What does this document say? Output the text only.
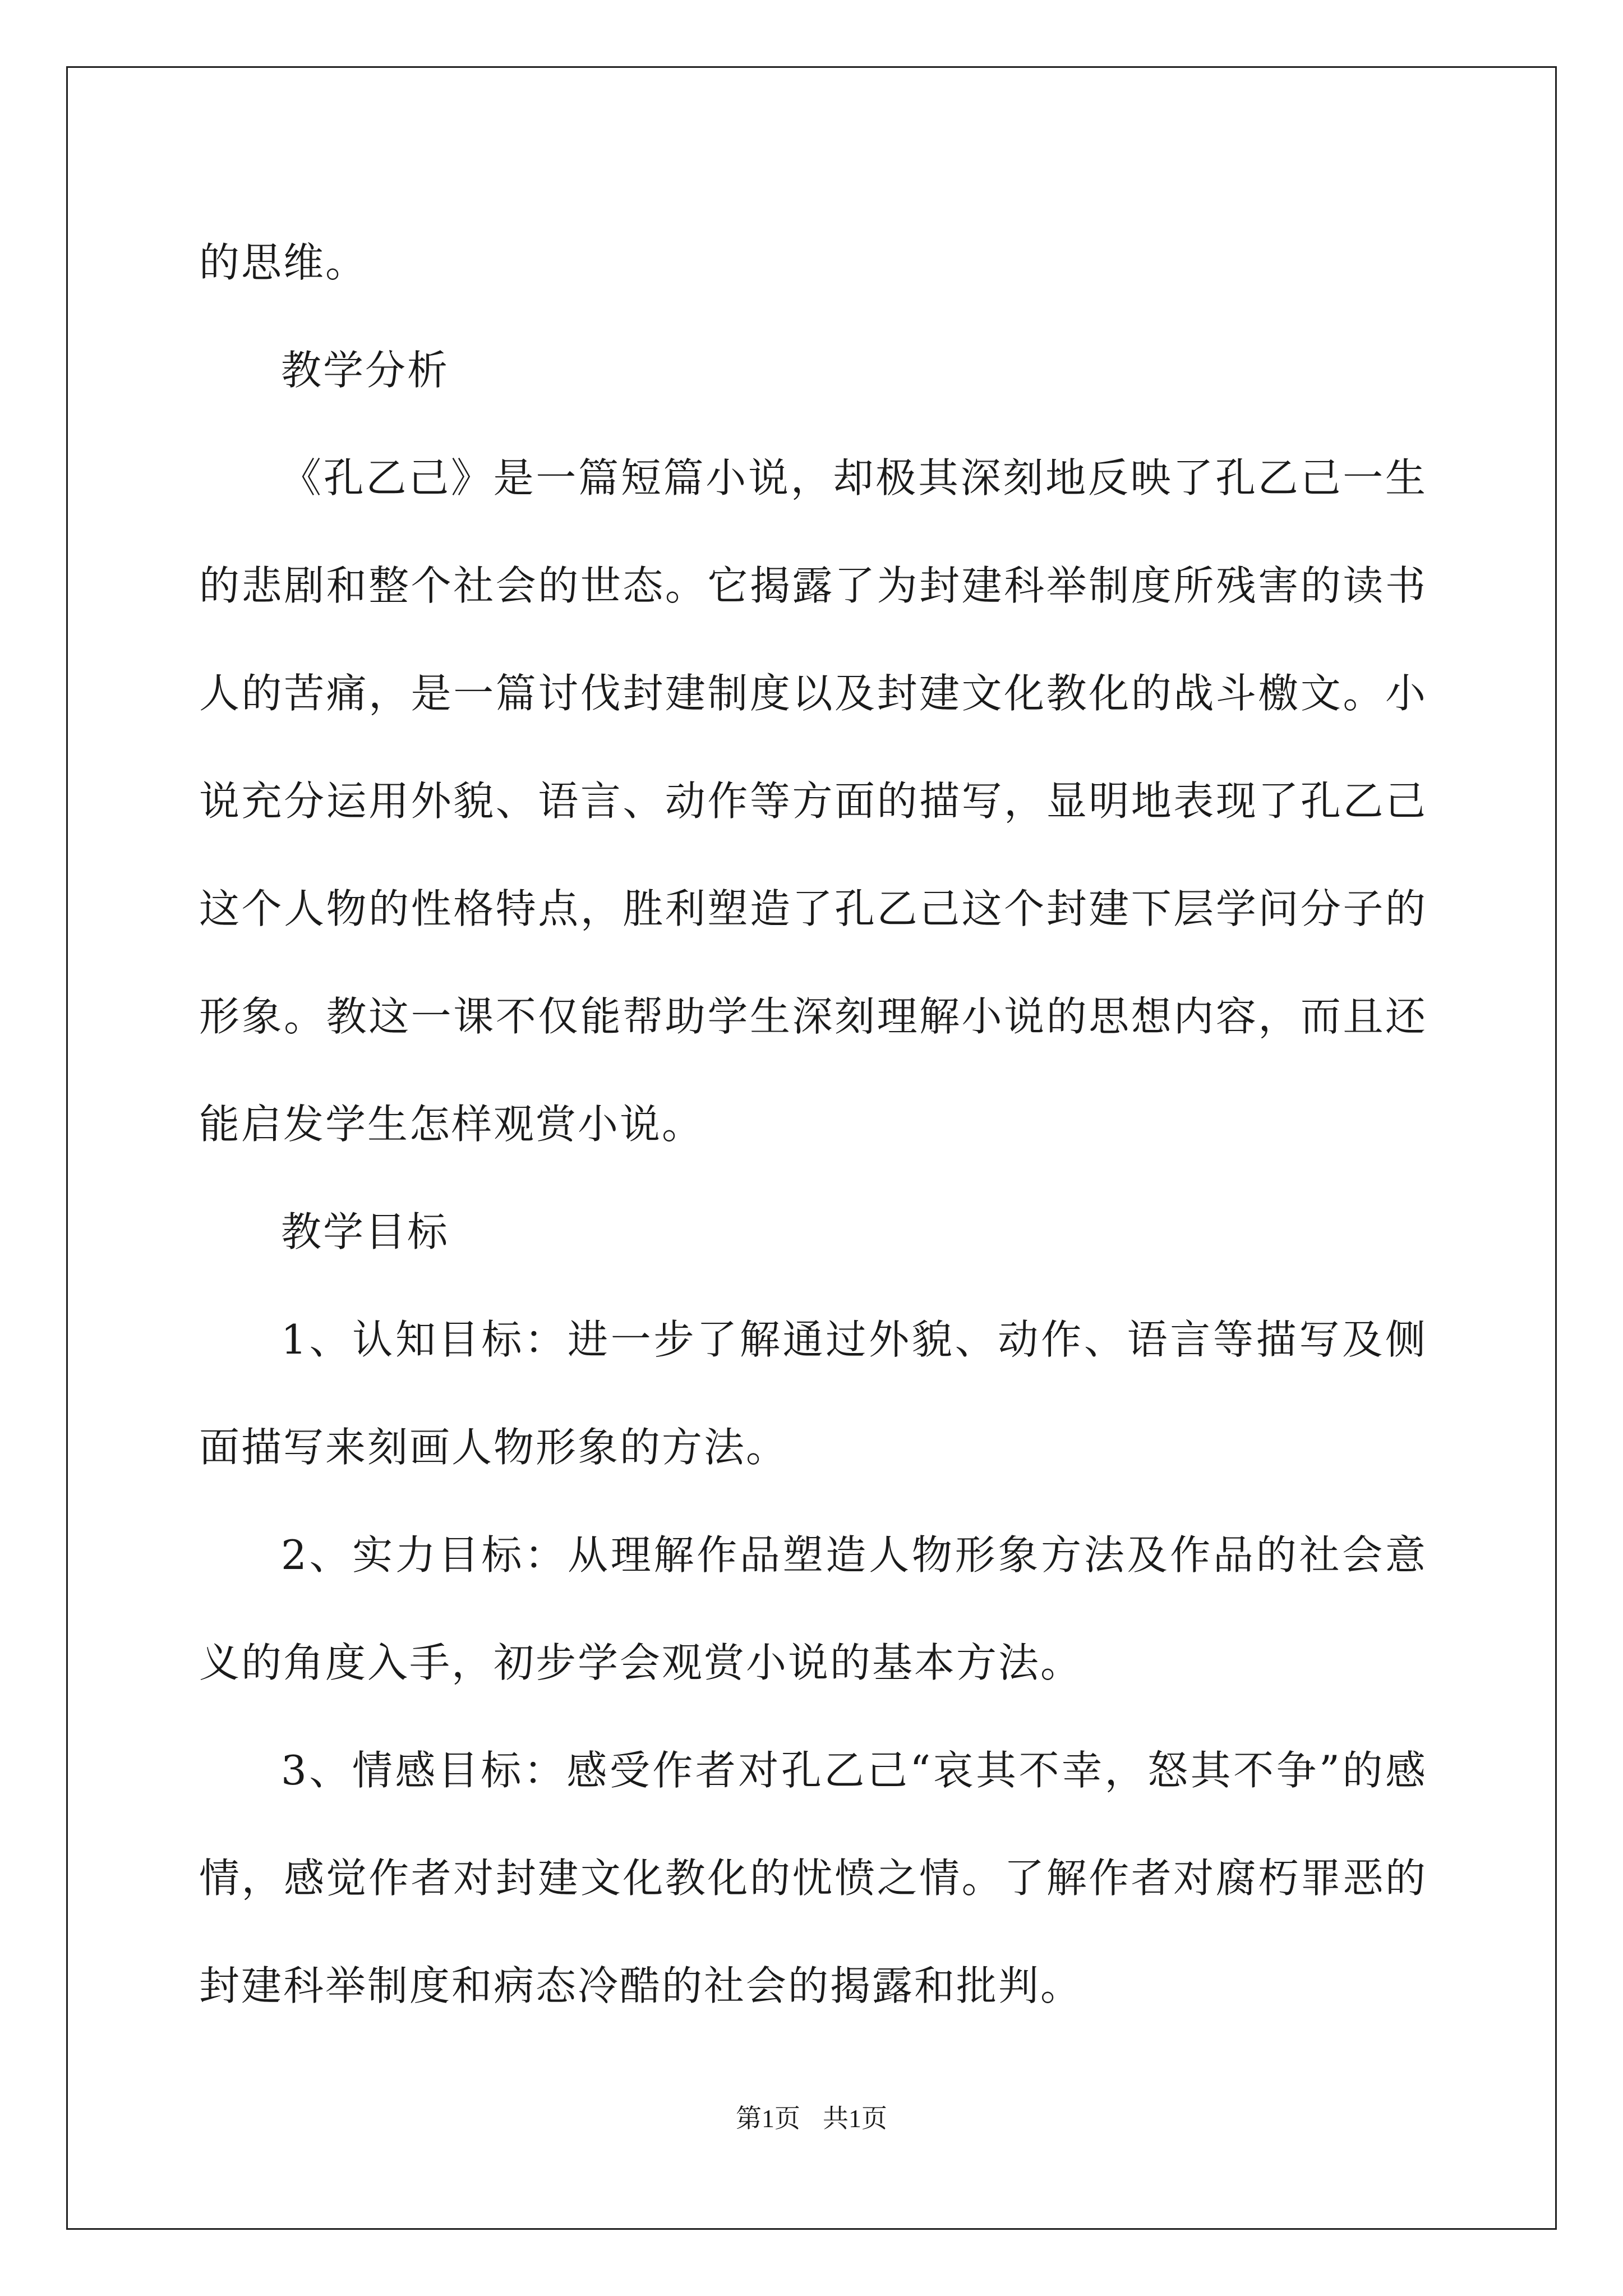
的思维。

教学分析

《孔乙己》是一篇短篇小说，却极其深刻地反映了孔乙己一生的悲剧和整个社会的世态。它揭露了为封建科举制度所残害的读书人的苦痛，是一篇讨伐封建制度以及封建文化教化的战斗檄文。小说充分运用外貌、语言、动作等方面的描写，显明地表现了孔乙己这个人物的性格特点，胜利塑造了孔乙己这个封建下层学问分子的形象。教这一课不仅能帮助学生深刻理解小说的思想内容，而且还能启发学生怎样观赏小说。

教学目标

1、认知目标：进一步了解通过外貌、动作、语言等描写及侧面描写来刻画人物形象的方法。

2、实力目标：从理解作品塑造人物形象方法及作品的社会意义的角度入手，初步学会观赏小说的基本方法。

3、情感目标：感受作者对孔乙己“哀其不幸，怒其不争”的感情，感觉作者对封建文化教化的忧愤之情。了解作者对腐朽罪恶的封建科举制度和病态冷酷的社会的揭露和批判。

第1页 共1页
